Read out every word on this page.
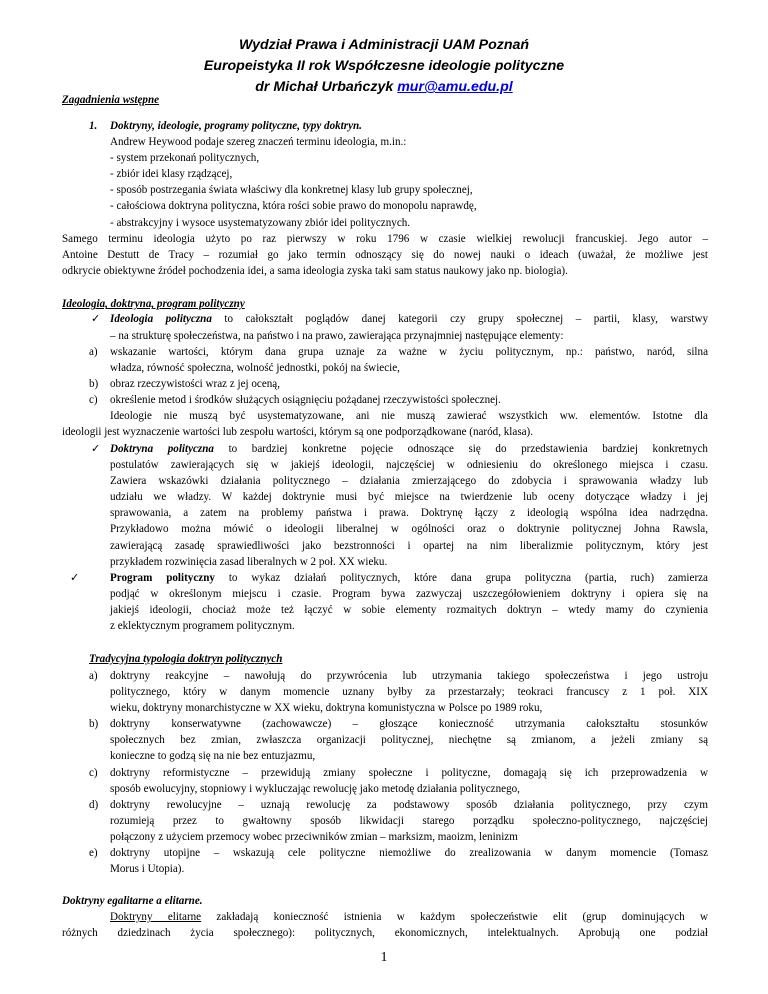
Wydział Prawa i Administracji UAM Poznań
Europeistyka II rok Współczesne ideologie polityczne
dr Michał Urbańczyk mur@amu.edu.pl
Zagadnienia wstępne
1. Doktryny, ideologie, programy polityczne, typy doktryn.
Andrew Heywood podaje szereg znaczeń terminu ideologia, m.in.:
- system przekonań politycznych,
- zbiór idei klasy rządzącej,
- sposób postrzegania świata właściwy dla konkretnej klasy lub grupy społecznej,
- całościowa doktryna polityczna, która rości sobie prawo do monopolu naprawdę,
- abstrakcyjny i wysoce usystematyzowany zbiór idei politycznych.
Samego terminu ideologia użyto po raz pierwszy w roku 1796 w czasie wielkiej rewolucji francuskiej. Jego autor –
Antoine Destutt de Tracy – rozumiał go jako termin odnoszący się do nowej nauki o ideach (uważał, że możliwe jest
odkrycie obiektywne źródeł pochodzenia idei, a sama ideologia zyska taki sam status naukowy jako np. biologia).
Ideologia, doktryna, program polityczny
✓ Ideologia polityczna to całokształt poglądów danej kategorii czy grupy społecznej – partii, klasy, warstwy
– na strukturę społeczeństwa, na państwo i na prawo, zawierająca przynajmniej następujące elementy:
a) wskazanie wartości, którym dana grupa uznaje za ważne w życiu politycznym, np.: państwo, naród, silna
władza, równość społeczna, wolność jednostki, pokój na świecie,
b) obraz rzeczywistości wraz z jej oceną,
c) określenie metod i środków służących osiągnięciu pożądanej rzeczywistości społecznej.
Ideologie nie muszą być usystematyzowane, ani nie muszą zawierać wszystkich ww. elementów. Istotne dla
ideologii jest wyznaczenie wartości lub zespołu wartości, którym są one podporządkowane (naród, klasa).
✓ Doktryna polityczna to bardziej konkretne pojęcie odnoszące się do przedstawienia bardziej konkretnych
postulatów zawierających się w jakiejś ideologii, najczęściej w odniesieniu do określonego miejsca i czasu.
Zawiera wskazówki działania politycznego – działania zmierzającego do zdobycia i sprawowania władzy lub
udziału we władzy. W każdej doktrynie musi być miejsce na twierdzenie lub oceny dotyczące władzy i jej
sprawowania, a zatem na problemy państwa i prawa. Doktrynę łączy z ideologią wspólna idea nadrzędna.
Przykładowo można mówić o ideologii liberalnej w ogólności oraz o doktrynie politycznej Johna Rawsla,
zawierającą zasadę sprawiedliwości jako bezstronności i opartej na nim liberalizmie politycznym, który jest
przykładem rozwinięcia zasad liberalnych w 2 poł. XX wieku.
✓	Program polityczny to wykaz działań politycznych, które dana grupa polityczna (partia, ruch) zamierza
podjąć w określonym miejscu i czasie. Program bywa zazwyczaj uszczegółowieniem doktryny i opiera się na
jakiejś ideologii, chociaż może też łączyć w sobie elementy rozmaitych doktryn – wtedy mamy do czynienia
z eklektycznym programem politycznym.
Tradycyjna typologia doktryn politycznych
a) doktryny reakcyjne – nawołują do przywrócenia lub utrzymania takiego społeczeństwa i jego ustroju
politycznego, który w danym momencie uznany byłby za przestarzały; teokraci francuscy z 1 poł. XIX
wieku, doktryny monarchistyczne w XX wieku, doktryna komunistyczna w Polsce po 1989 roku,
b) doktryny konserwatywne (zachowawcze) – głoszące konieczność utrzymania całokształtu stosunków
społecznych bez zmian, zwłaszcza organizacji politycznej, niechętne są zmianom, a jeżeli zmiany są
konieczne to godzą się na nie bez entuzjazmu,
c) doktryny reformistyczne – przewidują zmiany społeczne i polityczne, domagają się ich przeprowadzenia w
sposób ewolucyjny, stopniowy i wykluczając rewolucję jako metodę działania politycznego,
d) doktryny rewolucyjne – uznają rewolucję za podstawowy sposób działania politycznego, przy czym
rozumieją przez to gwałtowny sposób likwidacji starego porządku społeczno-politycznego, najczęściej
połączony z użyciem przemocy wobec przeciwników zmian – marksizm, maoizm, leninizm
e) doktryny utopijne – wskazują cele polityczne niemożliwe do zrealizowania w danym momencie (Tomasz
Morus i Utopia).
Doktryny egalitarne a elitarne.
1
Doktryny elitarne zakładają konieczność istnienia w każdym społeczeństwie elit (grup dominujących w
różnych dziedzinach życia społecznego): politycznych, ekonomicznych, intelektualnych. Aprobują one podział
